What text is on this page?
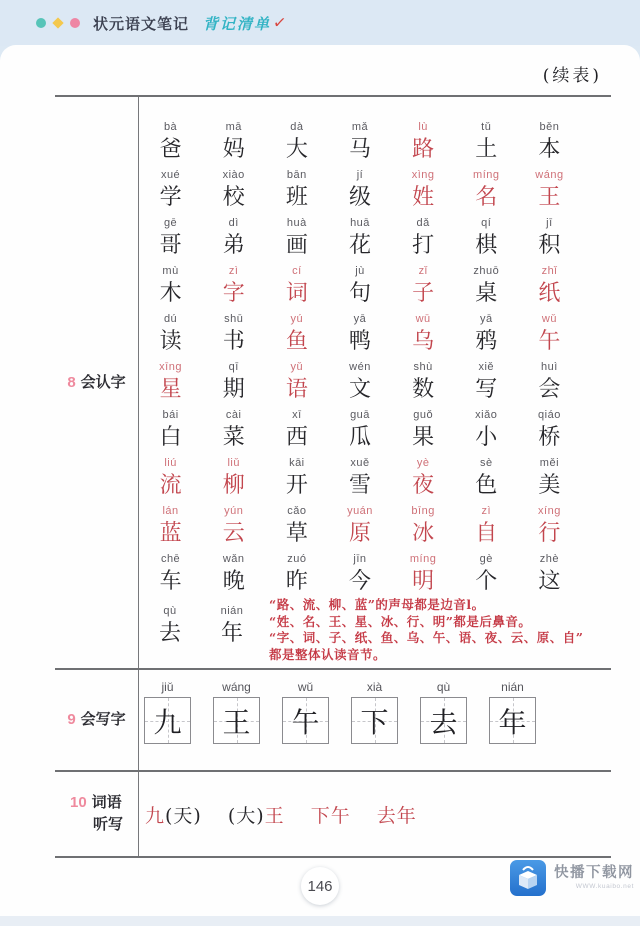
状元语文笔记 背记清单 ✓
(续表)
8 会认字
bà
爸
mā
妈
dà
大
mǎ
马
lù
路
tǔ
土
běn
本
xué
学
xiào
校
bān
班
jí
级
xìng
姓
míng
名
wáng
王
gē
哥
dì
弟
huà
画
huā
花
dǎ
打
qí
棋
jī
积
mù
木
zì
字
cí
词
jù
句
zǐ
子
zhuō
桌
zhǐ
纸
dú
读
shū
书
yú
鱼
yā
鸭
wū
乌
yā
鸦
wǔ
午
xīng
星
qī
期
yǔ
语
wén
文
shù
数
xiě
写
huì
会
bái
白
cài
菜
xī
西
guā
瓜
guǒ
果
xiǎo
小
qiáo
桥
liú
流
liǔ
柳
kāi
开
xuě
雪
yè
夜
sè
色
měi
美
lán
蓝
yún
云
cǎo
草
yuán
原
bīng
冰
zì
自
xíng
行
chē
车
wǎn
晚
zuó
昨
jīn
今
míng
明
gè
个
zhè
这
qù
去
nián
年
“路、流、柳、蓝”的声母都是边音l。
“姓、名、王、星、冰、行、明”都是后鼻音。
“字、词、子、纸、鱼、乌、午、语、夜、云、原、自”
都是整体认读音节。
9 会写字
jiǔ
九
wáng
王
wǔ
午
xià
下
qù
去
nián
年
10 词语
听写 九(天) (大)王 下午 去年
146
快播下载网
WWW.kuaibo.net
